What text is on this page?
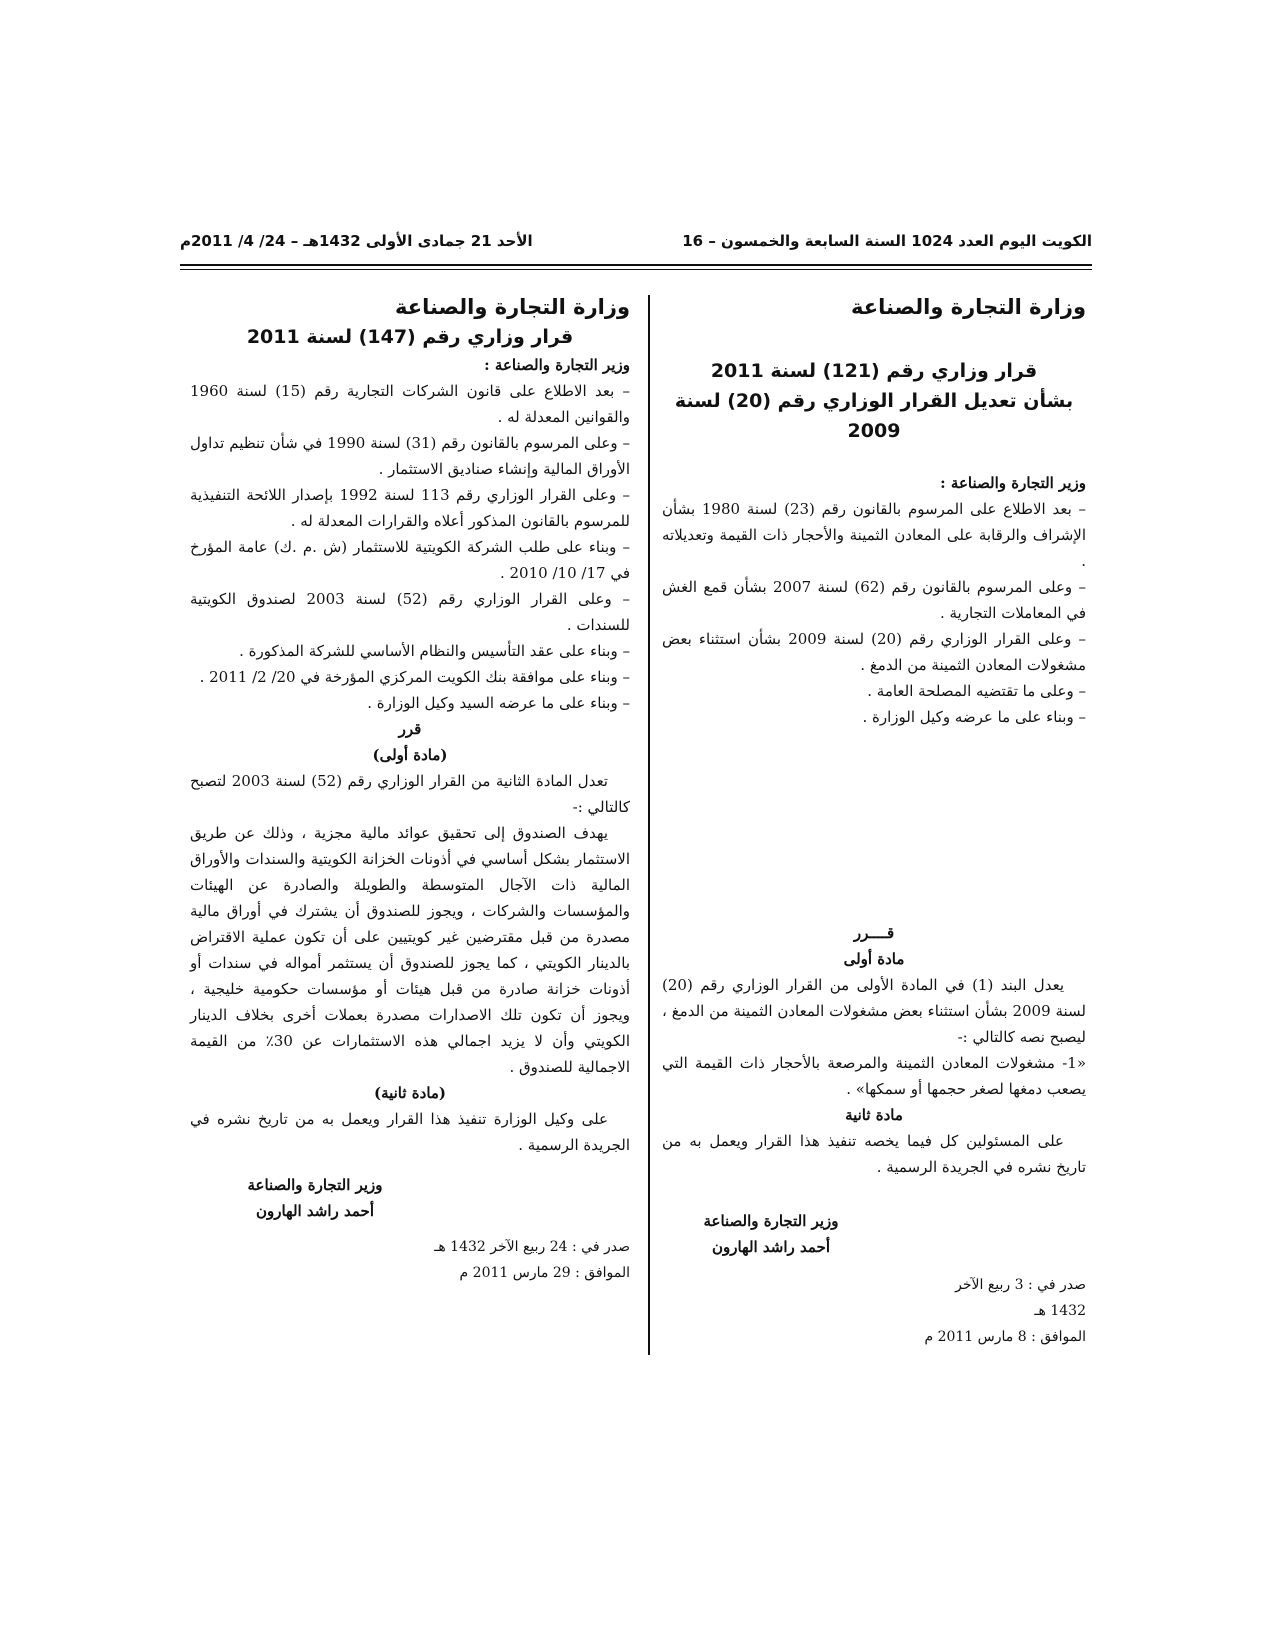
الأحد 21 جمادى الأولى 1432هـ – 24/ 4/ 2011م	الكويت اليوم العدد 1024 السنة السابعة والخمسون – 16

وزارة التجارة والصناعة

قرار وزاري رقم (121) لسنة 2011

بشأن تعديل القرار الوزاري رقم (20) لسنة 2009

وزير التجارة والصناعة :

– بعد الاطلاع على المرسوم بالقانون رقم (23) لسنة 1980 بشأن الإشراف والرقابة على المعادن الثمينة والأحجار ذات القيمة وتعديلاته .

– وعلى المرسوم بالقانون رقم (62) لسنة 2007 بشأن قمع الغش في المعاملات التجارية .

– وعلى القرار الوزاري رقم (20) لسنة 2009 بشأن استثناء بعض مشغولات المعادن الثمينة من الدمغ .

– وعلى ما تقتضيه المصلحة العامة .

– وبناء على ما عرضه وكيل الوزارة .

قــــرر

مادة أولى

يعدل البند (1) في المادة الأولى من القرار الوزاري رقم (20) لسنة 2009 بشأن استثناء بعض مشغولات المعادن الثمينة من الدمغ ، ليصبح نصه كالتالي :-

«1- مشغولات المعادن الثمينة والمرصعة بالأحجار ذات القيمة التي يصعب دمغها لصغر حجمها أو سمكها» .

مادة ثانية

على المسئولين كل فيما يخصه تنفيذ هذا القرار ويعمل به من تاريخ نشره في الجريدة الرسمية .

وزير التجارة والصناعة

أحمد راشد الهارون

صدر في : 3 ربيع الآخر 1432 هـ

الموافق : 8 مارس 2011 م

وزارة التجارة والصناعة

قرار وزاري رقم (147) لسنة 2011

وزير التجارة والصناعة :

– بعد الاطلاع على قانون الشركات التجارية رقم (15) لسنة 1960 والقوانين المعدلة له .

– وعلى المرسوم بالقانون رقم (31) لسنة 1990 في شأن تنظيم تداول الأوراق المالية وإنشاء صناديق الاستثمار .

– وعلى القرار الوزاري رقم 113 لسنة 1992 بإصدار اللائحة التنفيذية للمرسوم بالقانون المذكور أعلاه والقرارات المعدلة له .

– وبناء على طلب الشركة الكويتية للاستثمار (ش .م .ك) عامة المؤرخ في 17/ 10/ 2010 .

– وعلى القرار الوزاري رقم (52) لسنة 2003 لصندوق الكويتية للسندات .

– وبناء على عقد التأسيس والنظام الأساسي للشركة المذكورة .

– وبناء على موافقة بنك الكويت المركزي المؤرخة في 20/ 2/ 2011 .

– وبناء على ما عرضه السيد وكيل الوزارة .

قرر

(مادة أولى)

تعدل المادة الثانية من القرار الوزاري رقم (52) لسنة 2003 لتصبح كالتالي :-

يهدف الصندوق إلى تحقيق عوائد مالية مجزية ، وذلك عن طريق الاستثمار بشكل أساسي في أذونات الخزانة الكويتية والسندات والأوراق المالية ذات الآجال المتوسطة والطويلة والصادرة عن الهيئات والمؤسسات والشركات ، ويجوز للصندوق أن يشترك في أوراق مالية مصدرة من قبل مقترضين غير كويتيين على أن تكون عملية الاقتراض بالدينار الكويتي ، كما يجوز للصندوق أن يستثمر أمواله في سندات أو أذونات خزانة صادرة من قبل هيئات أو مؤسسات حكومية خليجية ، ويجوز أن تكون تلك الاصدارات مصدرة بعملات أخرى بخلاف الدينار الكويتي وأن لا يزيد اجمالي هذه الاستثمارات عن 30٪ من القيمة الاجمالية للصندوق .

(مادة ثانية)

على وكيل الوزارة تنفيذ هذا القرار ويعمل به من تاريخ نشره في الجريدة الرسمية .

وزير التجارة والصناعة

أحمد راشد الهارون

صدر في : 24 ربيع الآخر 1432 هـ

الموافق : 29 مارس 2011 م
